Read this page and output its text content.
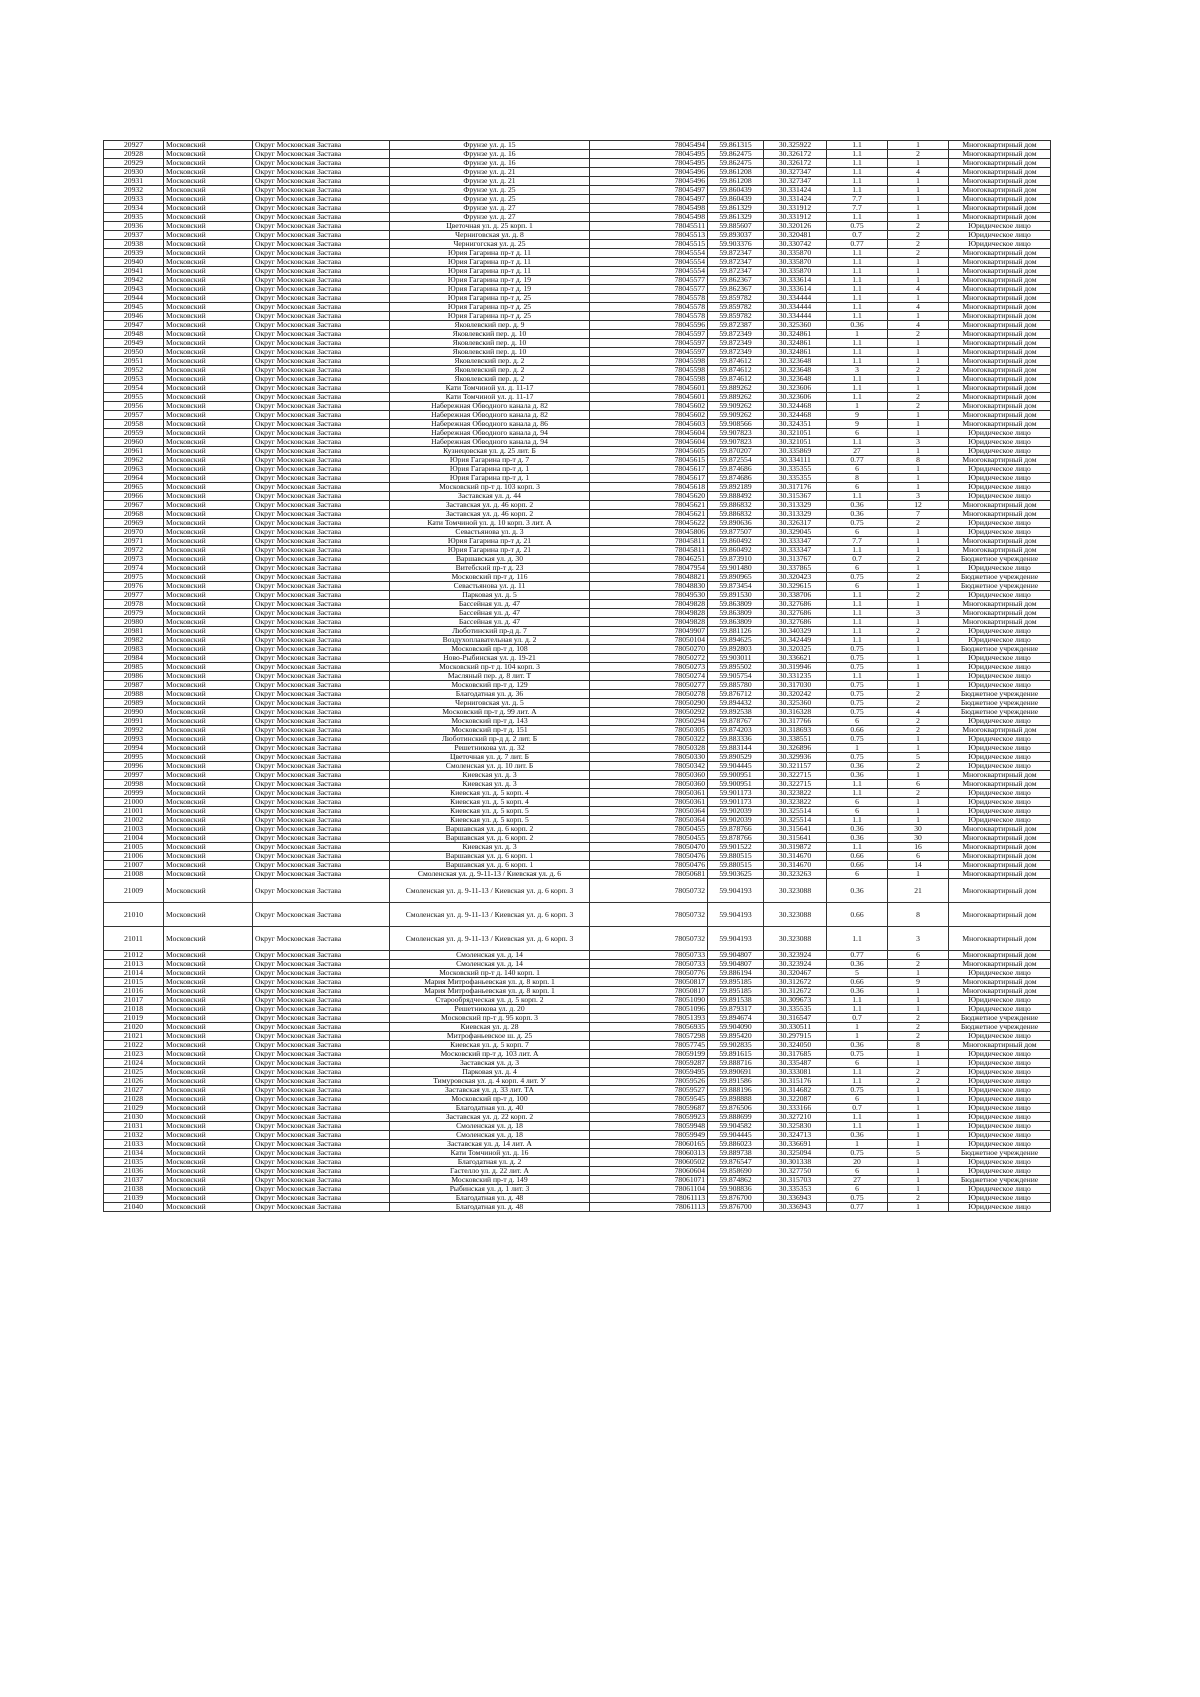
20927	Московский	Округ Московская Застава	Фрунзе ул. д. 15	78045494	59.861315	30.325922	1.1	1	Многоквартирный дом
20928	Московский	Округ Московская Застава	Фрунзе ул. д. 16	78045495	59.862475	30.326172	1.1	2	Многоквартирный дом
20929	Московский	Округ Московская Застава	Фрунзе ул. д. 16	78045495	59.862475	30.326172	1.1	1	Многоквартирный дом
20930	Московский	Округ Московская Застава	Фрунзе ул. д. 21	78045496	59.861208	30.327347	1.1	4	Многоквартирный дом
20931	Московский	Округ Московская Застава	Фрунзе ул. д. 21	78045496	59.861208	30.327347	1.1	1	Многоквартирный дом
20932	Московский	Округ Московская Застава	Фрунзе ул. д. 25	78045497	59.860439	30.331424	1.1	1	Многоквартирный дом
20933	Московский	Округ Московская Застава	Фрунзе ул. д. 25	78045497	59.860439	30.331424	7.7	1	Многоквартирный дом
20934	Московский	Округ Московская Застава	Фрунзе ул. д. 27	78045498	59.861329	30.331912	7.7	1	Многоквартирный дом
20935	Московский	Округ Московская Застава	Фрунзе ул. д. 27	78045498	59.861329	30.331912	1.1	1	Многоквартирный дом
20936	Московский	Округ Московская Застава	Цветочная ул. д. 25 корп. 1	78045511	59.885607	30.320126	0.75	2	Юридическое лицо
20937	Московский	Округ Московская Застава	Черниговская ул. д. 8	78045513	59.893037	30.320481	0.7	2	Юридическое лицо
20938	Московский	Округ Московская Застава	Чернигогская ул. д. 25	78045515	59.903376	30.330742	0.77	2	Юридическое лицо
20939	Московский	Округ Московская Застава	Юрия Гагарина пр-т д. 11	78045554	59.872347	30.335870	1.1	2	Многоквартирный дом
20940	Московский	Округ Московская Застава	Юрия Гагарина пр-т д. 11	78045554	59.872347	30.335870	1.1	1	Многоквартирный дом
20941	Московский	Округ Московская Застава	Юрия Гагарина пр-т д. 11	78045554	59.872347	30.335870	1.1	1	Многоквартирный дом
20942	Московский	Округ Московская Застава	Юрия Гагарина пр-т д. 19	78045577	59.862367	30.333614	1.1	1	Многоквартирный дом
20943	Московский	Округ Московская Застава	Юрия Гагарина пр-т д. 19	78045577	59.862367	30.333614	1.1	4	Многоквартирный дом
20944	Московский	Округ Московская Застава	Юрия Гагарина пр-т д. 25	78045578	59.859782	30.334444	1.1	1	Многоквартирный дом
20945	Московский	Округ Московская Застава	Юрия Гагарина пр-т д. 25	78045578	59.859782	30.334444	1.1	4	Многоквартирный дом
20946	Московский	Округ Московская Застава	Юрия Гагарина пр-т д. 25	78045578	59.859782	30.334444	1.1	1	Многоквартирный дом
20947	Московский	Округ Московская Застава	Яковлевский пер. д. 9	78045596	59.872387	30.325360	0.36	4	Многоквартирный дом
20948	Московский	Округ Московская Застава	Яковлевский пер. д. 10	78045597	59.872349	30.324861	1	2	Многоквартирный дом
20949	Московский	Округ Московская Застава	Яковлевский пер. д. 10	78045597	59.872349	30.324861	1.1	1	Многоквартирный дом
20950	Московский	Округ Московская Застава	Яковлевский пер. д. 10	78045597	59.872349	30.324861	1.1	1	Многоквартирный дом
20951	Московский	Округ Московская Застава	Яковлевский пер. д. 2	78045598	59.874612	30.323648	1.1	1	Многоквартирный дом
20952	Московский	Округ Московская Застава	Яковлевский пер. д. 2	78045598	59.874612	30.323648	3	2	Многоквартирный дом
20953	Московский	Округ Московская Застава	Яковлевский пер. д. 2	78045598	59.874612	30.323648	1.1	1	Многоквартирный дом
20954	Московский	Округ Московская Застава	Кати Томчиной ул. д. 11-17	78045601	59.889262	30.323606	1.1	1	Многоквартирный дом
20955	Московский	Округ Московская Застава	Кати Томчиной ул. д. 11-17	78045601	59.889262	30.323606	1.1	2	Многоквартирный дом
20956	Московский	Округ Московская Застава	Набережная Обводного канала д. 82	78045602	59.909262	30.324468	1	2	Многоквартирный дом
20957	Московский	Округ Московская Застава	Набережная Обводного канала д. 82	78045602	59.909262	30.324468	9	1	Многоквартирный дом
20958	Московский	Округ Московская Застава	Набережная Обводного канала д. 86	78045603	59.908566	30.324351	9	1	Многоквартирный дом
20959	Московский	Округ Московская Застава	Набережная Обводного канала д. 94	78045604	59.907823	30.321051	6	1	Юридическое лицо
20960	Московский	Округ Московская Застава	Набережная Обводного канала д. 94	78045604	59.907823	30.321051	1.1	3	Юридическое лицо
20961	Московский	Округ Московская Застава	Кузнецовская ул. д. 25 лит. Б	78045605	59.870207	30.335869	27	1	Юридическое лицо
20962	Московский	Округ Московская Застава	Юрия Гагарина пр-т д. 7	78045615	59.872554	30.334111	0.77	8	Многоквартирный дом
20963	Московский	Округ Московская Застава	Юрия Гагарина пр-т д. 1	78045617	59.874686	30.335355	6	1	Юридическое лицо
20964	Московский	Округ Московская Застава	Юрия Гагарина пр-т д. 1	78045617	59.874686	30.335355	8	1	Юридическое лицо
20965	Московский	Округ Московская Застава	Московский пр-т д. 103 корп. 3	78045618	59.892189	30.317176	6	1	Юридическое лицо
20966	Московский	Округ Московская Застава	Заставская ул. д. 44	78045620	59.888492	30.315367	1.1	3	Юридическое лицо
20967	Московский	Округ Московская Застава	Заставская ул. д. 46 корп. 2	78045621	59.886832	30.313329	0.36	12	Многоквартирный дом
20968	Московский	Округ Московская Застава	Заставская ул. д. 46 корп. 2	78045621	59.886832	30.313329	0.36	7	Многоквартирный дом
20969	Московский	Округ Московская Застава	Кати Томчиной ул. д. 10 корп. 3 лит. А	78045622	59.890636	30.326317	0.75	2	Юридическое лицо
20970	Московский	Округ Московская Застава	Севастьянова ул. д. 3	78045806	59.877507	30.329045	6	1	Юридическое лицо
20971	Московский	Округ Московская Застава	Юрия Гагарина пр-т д. 21	78045811	59.860492	30.333347	7.7	1	Многоквартирный дом
20972	Московский	Округ Московская Застава	Юрия Гагарина пр-т д. 21	78045811	59.860492	30.333347	1.1	1	Многоквартирный дом
20973	Московский	Округ Московская Застава	Варшавская ул. д. 30	78046251	59.873910	30.313767	0.7	2	Бюджетное учреждение
20974	Московский	Округ Московская Застава	Витебский пр-т д. 23	78047954	59.901480	30.337865	6	1	Юридическое лицо
20975	Московский	Округ Московская Застава	Московский пр-т д. 116	78048821	59.890965	30.320423	0.75	2	Бюджетное учреждение
20976	Московский	Округ Московская Застава	Севастьянова ул. д. 11	78048830	59.873454	30.329615	6	1	Бюджетное учреждение
20977	Московский	Округ Московская Застава	Парковая ул. д. 5	78049530	59.891530	30.338706	1.1	2	Юридическое лицо
20978	Московский	Округ Московская Застава	Бассейная ул. д. 47	78049828	59.863809	30.327686	1.1	1	Многоквартирный дом
20979	Московский	Округ Московская Застава	Бассейная ул. д. 47	78049828	59.863809	30.327686	1.1	3	Многоквартирный дом
20980	Московский	Округ Московская Застава	Бассейная ул. д. 47	78049828	59.863809	30.327686	1.1	1	Многоквартирный дом
20981	Московский	Округ Московская Застава	Люботинский пр-д д. 7	78049907	59.881126	30.340329	1.1	2	Юридическое лицо
20982	Московский	Округ Московская Застава	Воздухоплавательная ул. д. 2	78050104	59.894625	30.342449	1.1	1	Юридическое лицо
20983	Московский	Округ Московская Застава	Московский пр-т д. 108	78050270	59.892803	30.320325	0.75	1	Бюджетное учреждение
20984	Московский	Округ Московская Застава	Ново-Рыбинская ул. д. 19-21	78050272	59.903011	30.336621	0.75	1	Юридическое лицо
20985	Московский	Округ Московская Застава	Московский пр-т д. 104 корп. 3	78050273	59.895502	30.319946	0.75	1	Юридическое лицо
20986	Московский	Округ Московская Застава	Масляный пер. д. 8 лит. Т	78050274	59.905754	30.331235	1.1	1	Юридическое лицо
20987	Московский	Округ Московская Застава	Московский пр-т д. 129	78050277	59.885780	30.317030	0.75	1	Юридическое лицо
20988	Московский	Округ Московская Застава	Благодатная ул. д. 36	78050278	59.876712	30.320242	0.75	2	Бюджетное учреждение
20989	Московский	Округ Московская Застава	Черниговская ул. д. 5	78050290	59.894432	30.325360	0.75	2	Бюджетное учреждение
20990	Московский	Округ Московская Застава	Московский пр-т д. 99 лит. А	78050292	59.892538	30.316328	0.75	4	Бюджетное учреждение
20991	Московский	Округ Московская Застава	Московский пр-т д. 143	78050294	59.878767	30.317766	6	2	Юридическое лицо
20992	Московский	Округ Московская Застава	Московский пр-т д. 151	78050305	59.874203	30.318693	0.66	2	Многоквартирный дом
20993	Московский	Округ Московская Застава	Люботинский пр-д д. 2 лит. Б	78050322	59.883336	30.338551	0.75	1	Юридическое лицо
20994	Московский	Округ Московская Застава	Решетникова ул. д. 32	78050328	59.883144	30.326896	1	1	Юридическое лицо
20995	Московский	Округ Московская Застава	Цветочная ул. д. 7 лит. Б	78050330	59.890529	30.329936	0.75	5	Юридическое лицо
20996	Московский	Округ Московская Застава	Смоленская ул. д. 10 лит. Б	78050342	59.904445	30.321157	0.36	2	Юридическое лицо
20997	Московский	Округ Московская Застава	Киевская ул. д. 3	78050360	59.900951	30.322715	0.36	1	Многоквартирный дом
20998	Московский	Округ Московская Застава	Киевская ул. д. 3	78050360	59.900951	30.322715	1.1	6	Многоквартирный дом
20999	Московский	Округ Московская Застава	Киевская ул. д. 5 корп. 4	78050361	59.901173	30.323822	1.1	2	Юридическое лицо
21000	Московский	Округ Московская Застава	Киевская ул. д. 5 корп. 4	78050361	59.901173	30.323822	6	1	Юридическое лицо
21001	Московский	Округ Московская Застава	Киевская ул. д. 5 корп. 5	78050364	59.902039	30.325514	6	1	Юридическое лицо
21002	Московский	Округ Московская Застава	Киевская ул. д. 5 корп. 5	78050364	59.902039	30.325514	1.1	1	Юридическое лицо
21003	Московский	Округ Московская Застава	Варшавская ул. д. 6 корп. 2	78050455	59.878766	30.315641	0.36	30	Многоквартирный дом
21004	Московский	Округ Московская Застава	Варшавская ул. д. 6 корп. 2	78050455	59.878766	30.315641	0.36	30	Многоквартирный дом
21005	Московский	Округ Московская Застава	Киевская ул. д. 3	78050470	59.901522	30.319872	1.1	16	Многоквартирный дом
21006	Московский	Округ Московская Застава	Варшавская ул. д. 6 корп. 1	78050476	59.880515	30.314670	0.66	6	Многоквартирный дом
21007	Московский	Округ Московская Застава	Варшавская ул. д. 6 корп. 1	78050476	59.880515	30.314670	0.66	14	Многоквартирный дом
21008	Московский	Округ Московская Застава	Смоленская ул. д. 9-11-13 / Киевская ул. д. 6	78050681	59.903625	30.323263	6	1	Многоквартирный дом
21009	Московский	Округ Московская Застава	Смоленская ул. д. 9-11-13 / Киевская ул. д. 6 корп. 3	78050732	59.904193	30.323088	0.36	21	Многоквартирный дом
21010	Московский	Округ Московская Застава	Смоленская ул. д. 9-11-13 / Киевская ул. д. 6 корп. 3	78050732	59.904193	30.323088	0.66	8	Многоквартирный дом
21011	Московский	Округ Московская Застава	Смоленская ул. д. 9-11-13 / Киевская ул. д. 6 корп. 3	78050732	59.904193	30.323088	1.1	3	Многоквартирный дом
21012	Московский	Округ Московская Застава	Смоленская ул. д. 14	78050733	59.904807	30.323924	0.77	6	Многоквартирный дом
21013	Московский	Округ Московская Застава	Смоленская ул. д. 14	78050733	59.904807	30.323924	0.36	2	Многоквартирный дом
21014	Московский	Округ Московская Застава	Московский пр-т д. 140 корп. 1	78050776	59.886194	30.320467	5	1	Юридическое лицо
21015	Московский	Округ Московская Застава	Мария Митрофаньевская ул. д. 8 корп. 1	78050817	59.895185	30.312672	0.66	9	Многоквартирный дом
21016	Московский	Округ Московская Застава	Мария Митрофаньевская ул. д. 8 корп. 1	78050817	59.895185	30.312672	0.36	1	Многоквартирный дом
21017	Московский	Округ Московская Застава	Старообрядческая ул. д. 5 корп. 2	78051090	59.891538	30.309673	1.1	1	Юридическое лицо
21018	Московский	Округ Московская Застава	Решетникова ул. д. 20	78051096	59.879317	30.335535	1.1	1	Юридическое лицо
21019	Московский	Округ Московская Застава	Московский пр-т д. 95 корп. 3	78051393	59.894674	30.316547	0.7	2	Бюджетное учреждение
21020	Московский	Округ Московская Застава	Киевская ул. д. 28	78056935	59.904090	30.330511	1	2	Бюджетное учреждение
21021	Московский	Округ Московская Застава	Митрофаньевское ш. д. 25	78057298	59.895420	30.297915	1	2	Юридическое лицо
21022	Московский	Округ Московская Застава	Киевская ул. д. 5 корп. 7	78057745	59.902835	30.324050	0.36	8	Многоквартирный дом
21023	Московский	Округ Московская Застава	Московский пр-т д. 103 лит. А	78059199	59.891615	30.317685	0.75	1	Юридическое лицо
21024	Московский	Округ Московская Застава	Заставская ул. д. 3	78059287	59.888716	30.335487	6	1	Юридическое лицо
21025	Московский	Округ Московская Застава	Парковая ул. д. 4	78059495	59.890691	30.333081	1.1	2	Юридическое лицо
21026	Московский	Округ Московская Застава	Тимуровская ул. д. 4 корп. 4 лит. У	78059526	59.891586	30.315176	1.1	2	Юридическое лицо
21027	Московский	Округ Московская Застава	Заставская ул. д. 33 лит. ТА	78059527	59.888196	30.314682	0.75	1	Юридическое лицо
21028	Московский	Округ Московская Застава	Московский пр-т д. 100	78059545	59.898888	30.322087	6	1	Юридическое лицо
21029	Московский	Округ Московская Застава	Благодатная ул. д. 40	78059687	59.876506	30.333166	0.7	1	Юридическое лицо
21030	Московский	Округ Московская Застава	Заставская ул. д. 22 корп. 2	78059923	59.888699	30.327210	1.1	1	Юридическое лицо
21031	Московский	Округ Московская Застава	Смоленская ул. д. 18	78059948	59.904582	30.325830	1.1	1	Юридическое лицо
21032	Московский	Округ Московская Застава	Смоленская ул. д. 18	78059949	59.904445	30.324713	0.36	1	Юридическое лицо
21033	Московский	Округ Московская Застава	Заставская ул. д. 14 лит. А	78060165	59.886023	30.336691	1	1	Юридическое лицо
21034	Московский	Округ Московская Застава	Кати Томчиной ул. д. 16	78060313	59.889738	30.325094	0.75	5	Бюджетное учреждение
21035	Московский	Округ Московская Застава	Благодатная ул. д. 2	78060502	59.876547	30.301338	20	1	Юридическое лицо
21036	Московский	Округ Московская Застава	Гастелло ул. д. 22 лит. А	78060604	59.858690	30.327750	6	1	Юридическое лицо
21037	Московский	Округ Московская Застава	Московский пр-т д. 149	78061071	59.874862	30.315703	27	1	Бюджетное учреждение
21038	Московский	Округ Московская Застава	Рыбинская ул. д. 1 лит. 3	78061104	59.908836	30.335353	6	1	Юридическое лицо
21039	Московский	Округ Московская Застава	Благодатная ул. д. 48	78061113	59.876700	30.336943	0.75	2	Юридическое лицо
21040	Московский	Округ Московская Застава	Благодатная ул. д. 48	78061113	59.876700	30.336943	0.77	1	Юридическое лицо
